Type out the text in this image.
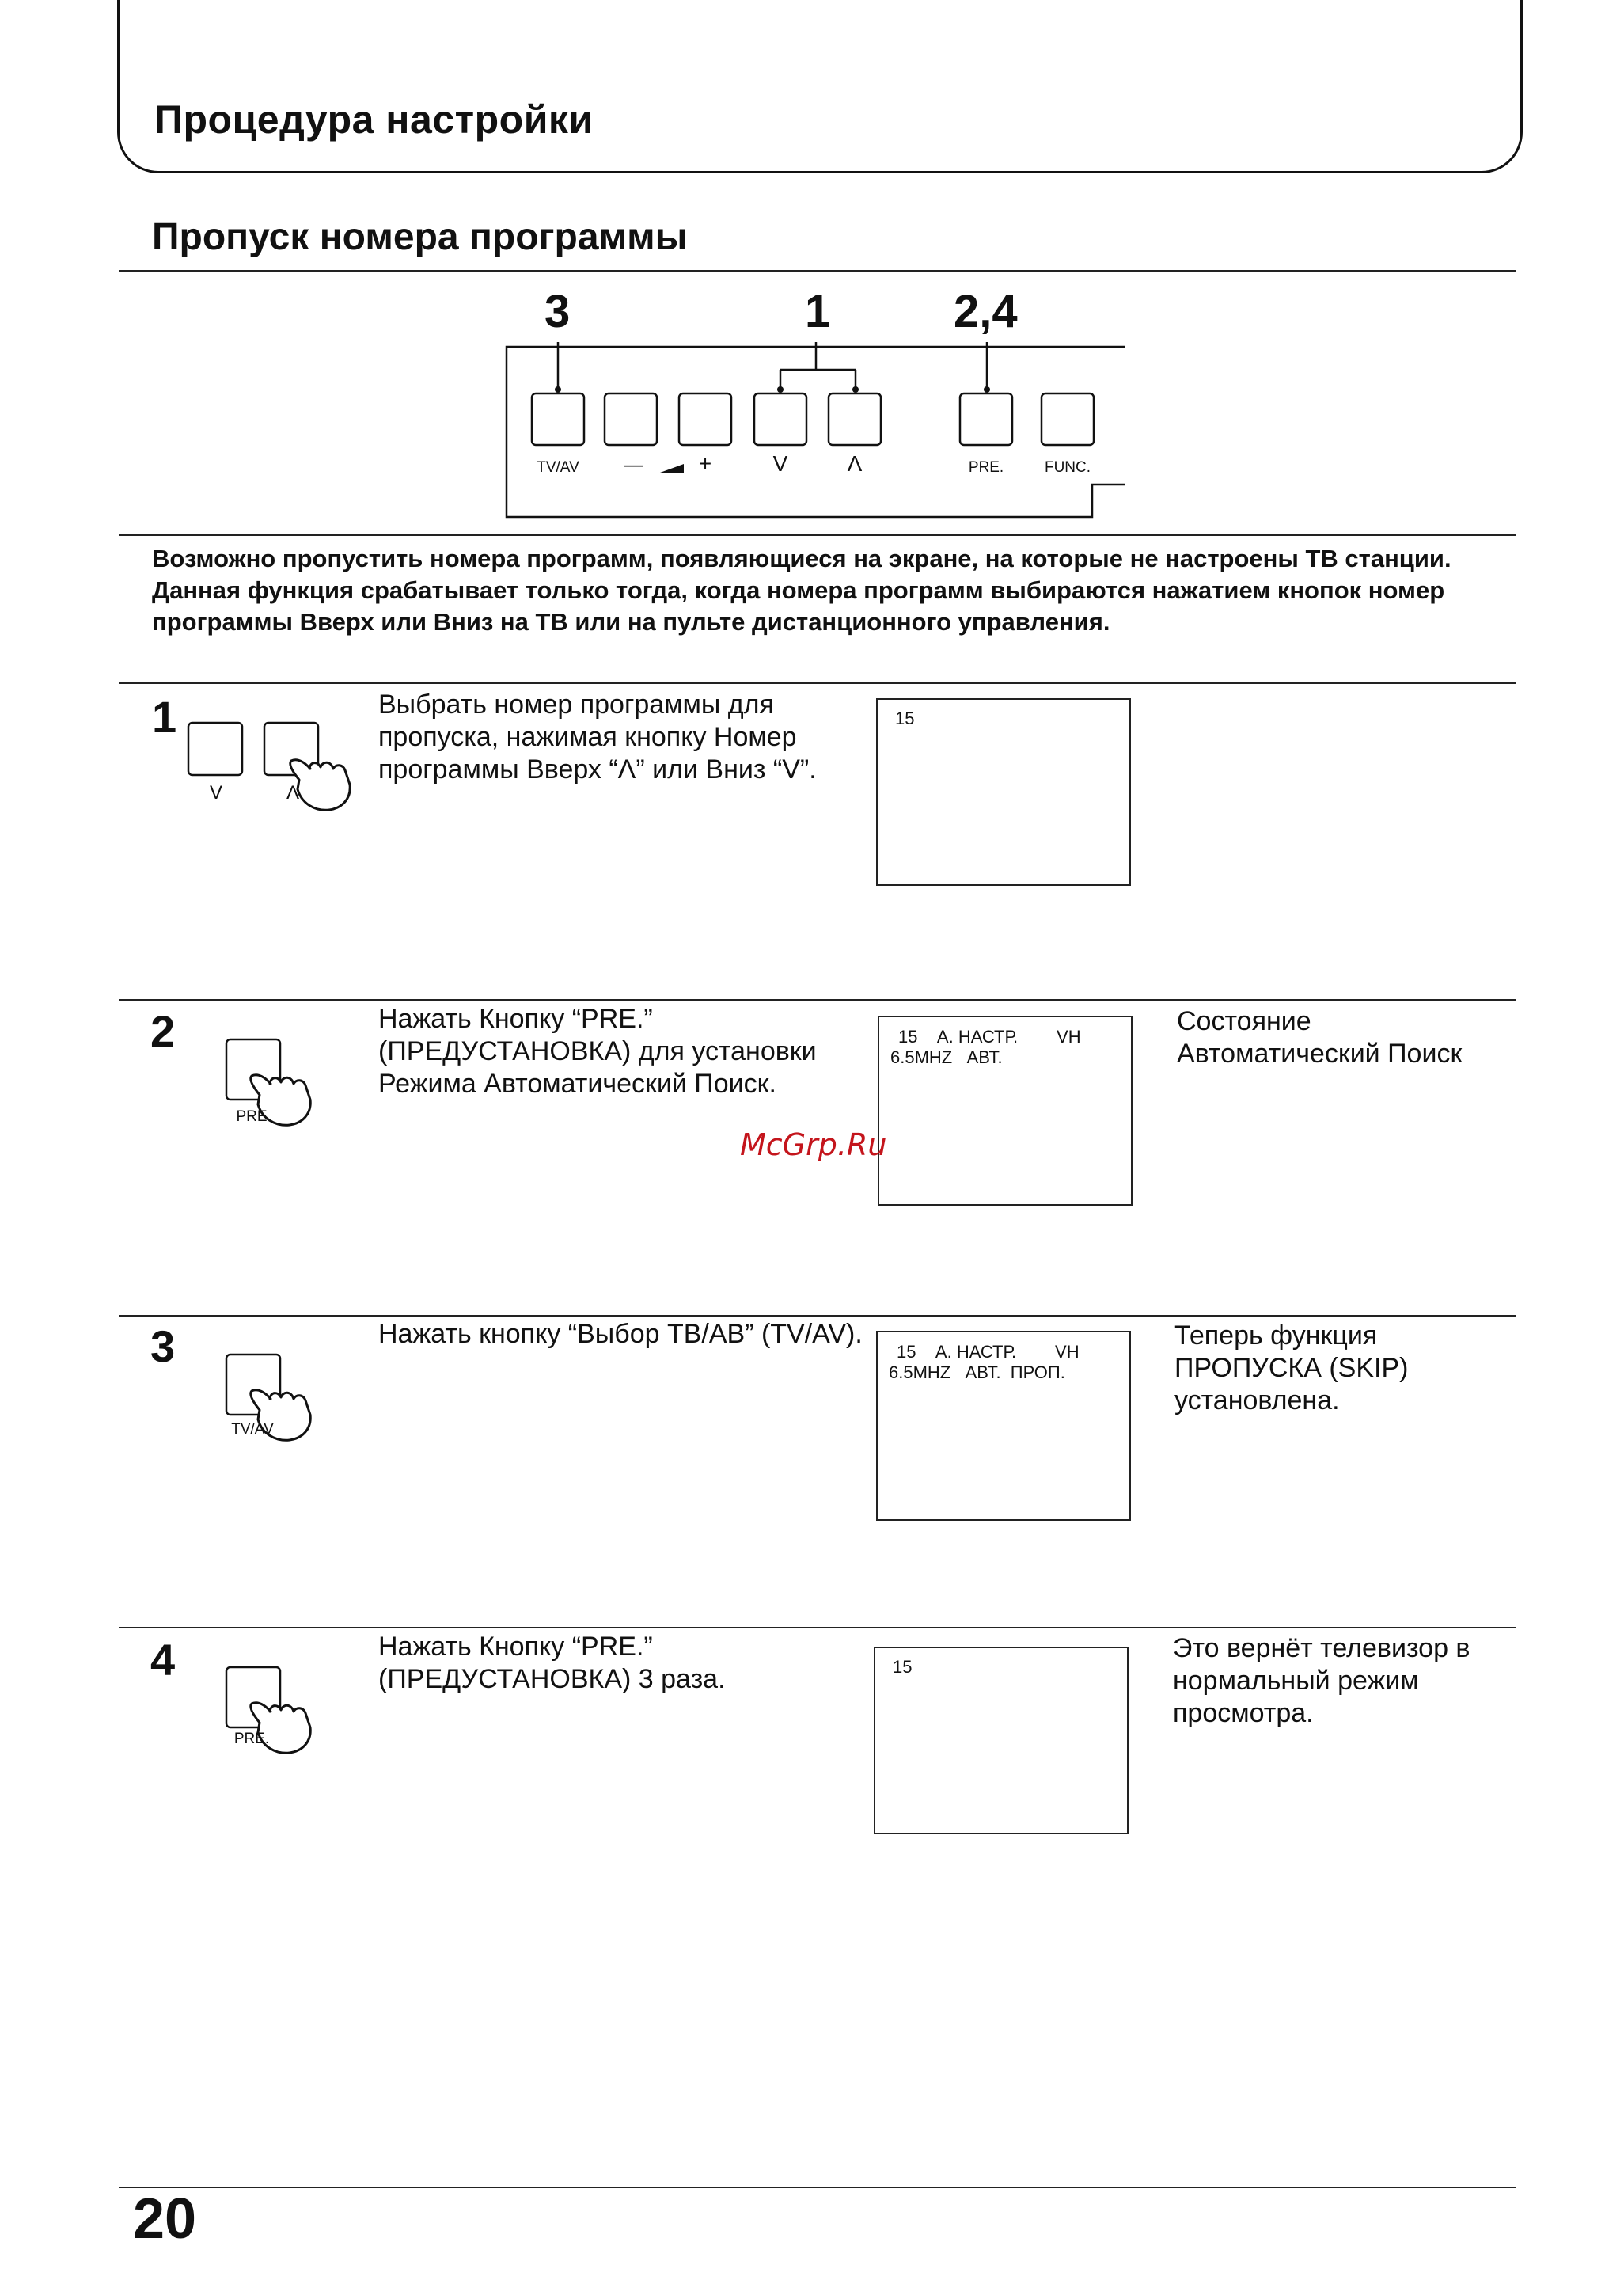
Процедура настройки
Пропуск номера программы
3	1	2,4
TV/AV	— +	V	Λ	PRE.	FUNC.

Возможно пропустить номера программ, появляющиеся на экране, на которые не настроены ТВ станции.

Данная функция срабатывает только тогда, когда номера программ выбираются нажатием кнопок номер программы Вверх или Вниз на ТВ или на пульте дистанционного управления.

1
V	Λ
Выбрать номер программы для пропуска, нажимая кнопку Номер программы Вверх “Λ” или Вниз “V”.
15
2
PRE
Нажать Кнопку “PRE.” (ПРЕДУСТАНОВКА) для установки Режима Автоматический Поиск.
15    А. НАСТР.        VH
6.5MHZ   АВТ.
Состояние Автоматический Поиск
McGrp.Ru
3
TV/AV
Нажать кнопку “Выбор ТВ/АВ” (TV/AV).
15    А. НАСТР.        VH
6.5MHZ   АВТ.  ПРОП.
Теперь функция ПРОПУСКА (SKIP) установлена.
4
PRE.
Нажать Кнопку “PRE.” (ПРЕДУСТАНОВКА) 3 раза.	15
Это вернёт телевизор в нормальный режим просмотра.
20
